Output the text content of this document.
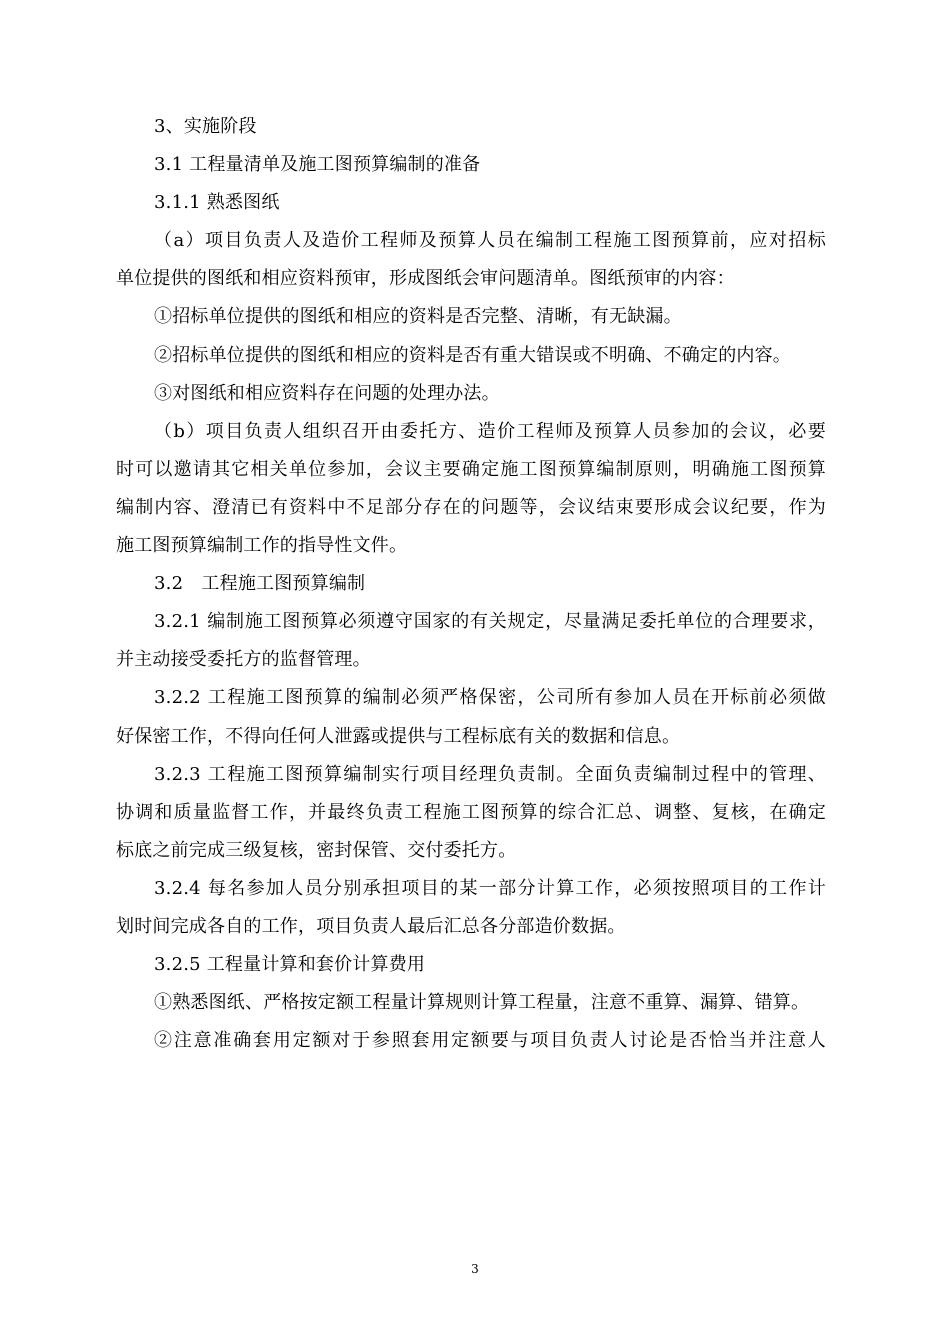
3、实施阶段
3.1 工程量清单及施工图预算编制的准备
3.1.1 熟悉图纸
（a）项目负责人及造价工程师及预算人员在编制工程施工图预算前，应对招标
单位提供的图纸和相应资料预审，形成图纸会审问题清单。图纸预审的内容：
①招标单位提供的图纸和相应的资料是否完整、清晰，有无缺漏。
②招标单位提供的图纸和相应的资料是否有重大错误或不明确、不确定的内容。
③对图纸和相应资料存在问题的处理办法。
（b）项目负责人组织召开由委托方、造价工程师及预算人员参加的会议，必要
时可以邀请其它相关单位参加，会议主要确定施工图预算编制原则，明确施工图预算
编制内容、澄清已有资料中不足部分存在的问题等，会议结束要形成会议纪要，作为
施工图预算编制工作的指导性文件。
3.2　工程施工图预算编制
3.2.1 编制施工图预算必须遵守国家的有关规定，尽量满足委托单位的合理要求，
并主动接受委托方的监督管理。
3.2.2 工程施工图预算的编制必须严格保密，公司所有参加人员在开标前必须做
好保密工作，不得向任何人泄露或提供与工程标底有关的数据和信息。
3.2.3 工程施工图预算编制实行项目经理负责制。全面负责编制过程中的管理、
协调和质量监督工作，并最终负责工程施工图预算的综合汇总、调整、复核，在确定
标底之前完成三级复核，密封保管、交付委托方。
3.2.4 每名参加人员分别承担项目的某一部分计算工作，必须按照项目的工作计
划时间完成各自的工作，项目负责人最后汇总各分部造价数据。
3.2.5 工程量计算和套价计算费用
①熟悉图纸、严格按定额工程量计算规则计算工程量，注意不重算、漏算、错算。
②注意准确套用定额对于参照套用定额要与项目负责人讨论是否恰当并注意人
3
